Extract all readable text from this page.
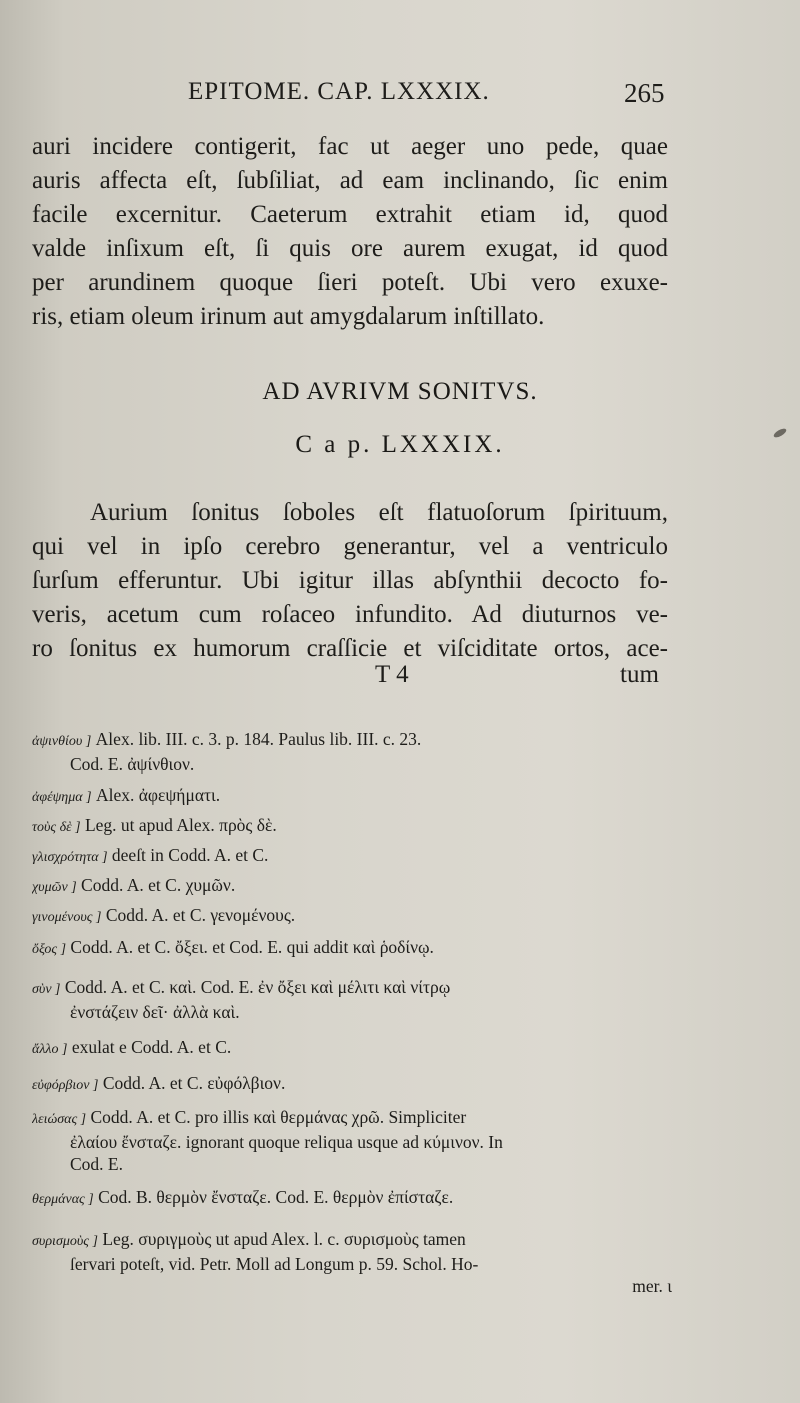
EPITOME. CAP. LXXXIX.	265
auri incidere contigerit, fac ut aeger uno pede, quae
auris affecta eſt, ſubſiliat, ad eam inclinando, ſic enim
facile excernitur. Caeterum extrahit etiam id, quod
valde inſixum eſt, ſi quis ore aurem exugat, id quod
per arundinem quoque ſieri poteſt. Ubi vero exuxe-
ris, etiam oleum irinum aut amygdalarum inſtillato.
AD AVRIVM SONITVS.
C a p. LXXXIX.
Aurium ſonitus ſoboles eſt flatuoſorum ſpirituum,
qui vel in ipſo cerebro generantur, vel a ventriculo
ſurſum efferuntur. Ubi igitur illas abſynthii decocto fo-
veris, acetum cum roſaceo infundito. Ad diuturnos ve-
ro ſonitus ex humorum craſſicie et viſciditate ortos, ace-
T 4	tum
ἀψινθίου ] Alex. lib. III. c. 3. p. 184. Paulus lib. III. c. 23.
Cod. E. ἀψίνθιον.
ἀφέψημα ] Alex. ἀφεψήματι.
τοὺς δὲ ] Leg. ut apud Alex. πρὸς δὲ.
γλισχρότητα ] deeſt in Codd. A. et C.
χυμῶν ] Codd. A. et C. χυμῶν.
γινομένους ] Codd. A. et C. γενομένους.
ὄξος ] Codd. A. et C. ὄξει. et Cod. E. qui addit καὶ ῥοδίνῳ.
σὺν ] Codd. A. et C. καὶ. Cod. E. ἐν ὄξει καὶ μέλιτι καὶ νίτρῳ
ἐνστάζειν δεῖ· ἀλλὰ καὶ.
ἄλλο ] exulat e Codd. A. et C.
εὐφόρβιον ] Codd. A. et C. εὐφόλβιον.
λειώσας ] Codd. A. et C. pro illis καὶ θερμάνας χρῶ. Simpliciter
ἐλαίου ἔνσταζε. ignorant quoque reliqua usque ad κύμινον. In
Cod. E.
θερμάνας ] Cod. B. θερμὸν ἔνσταζε. Cod. E. θερμὸν ἐπίσταζε.
συρισμοὺς ] Leg. συριγμοὺς ut apud Alex. l. c. συρισμοὺς tamen
ſervari poteſt, vid. Petr. Moll ad Longum p. 59. Schol. Ho-
mer. ι
